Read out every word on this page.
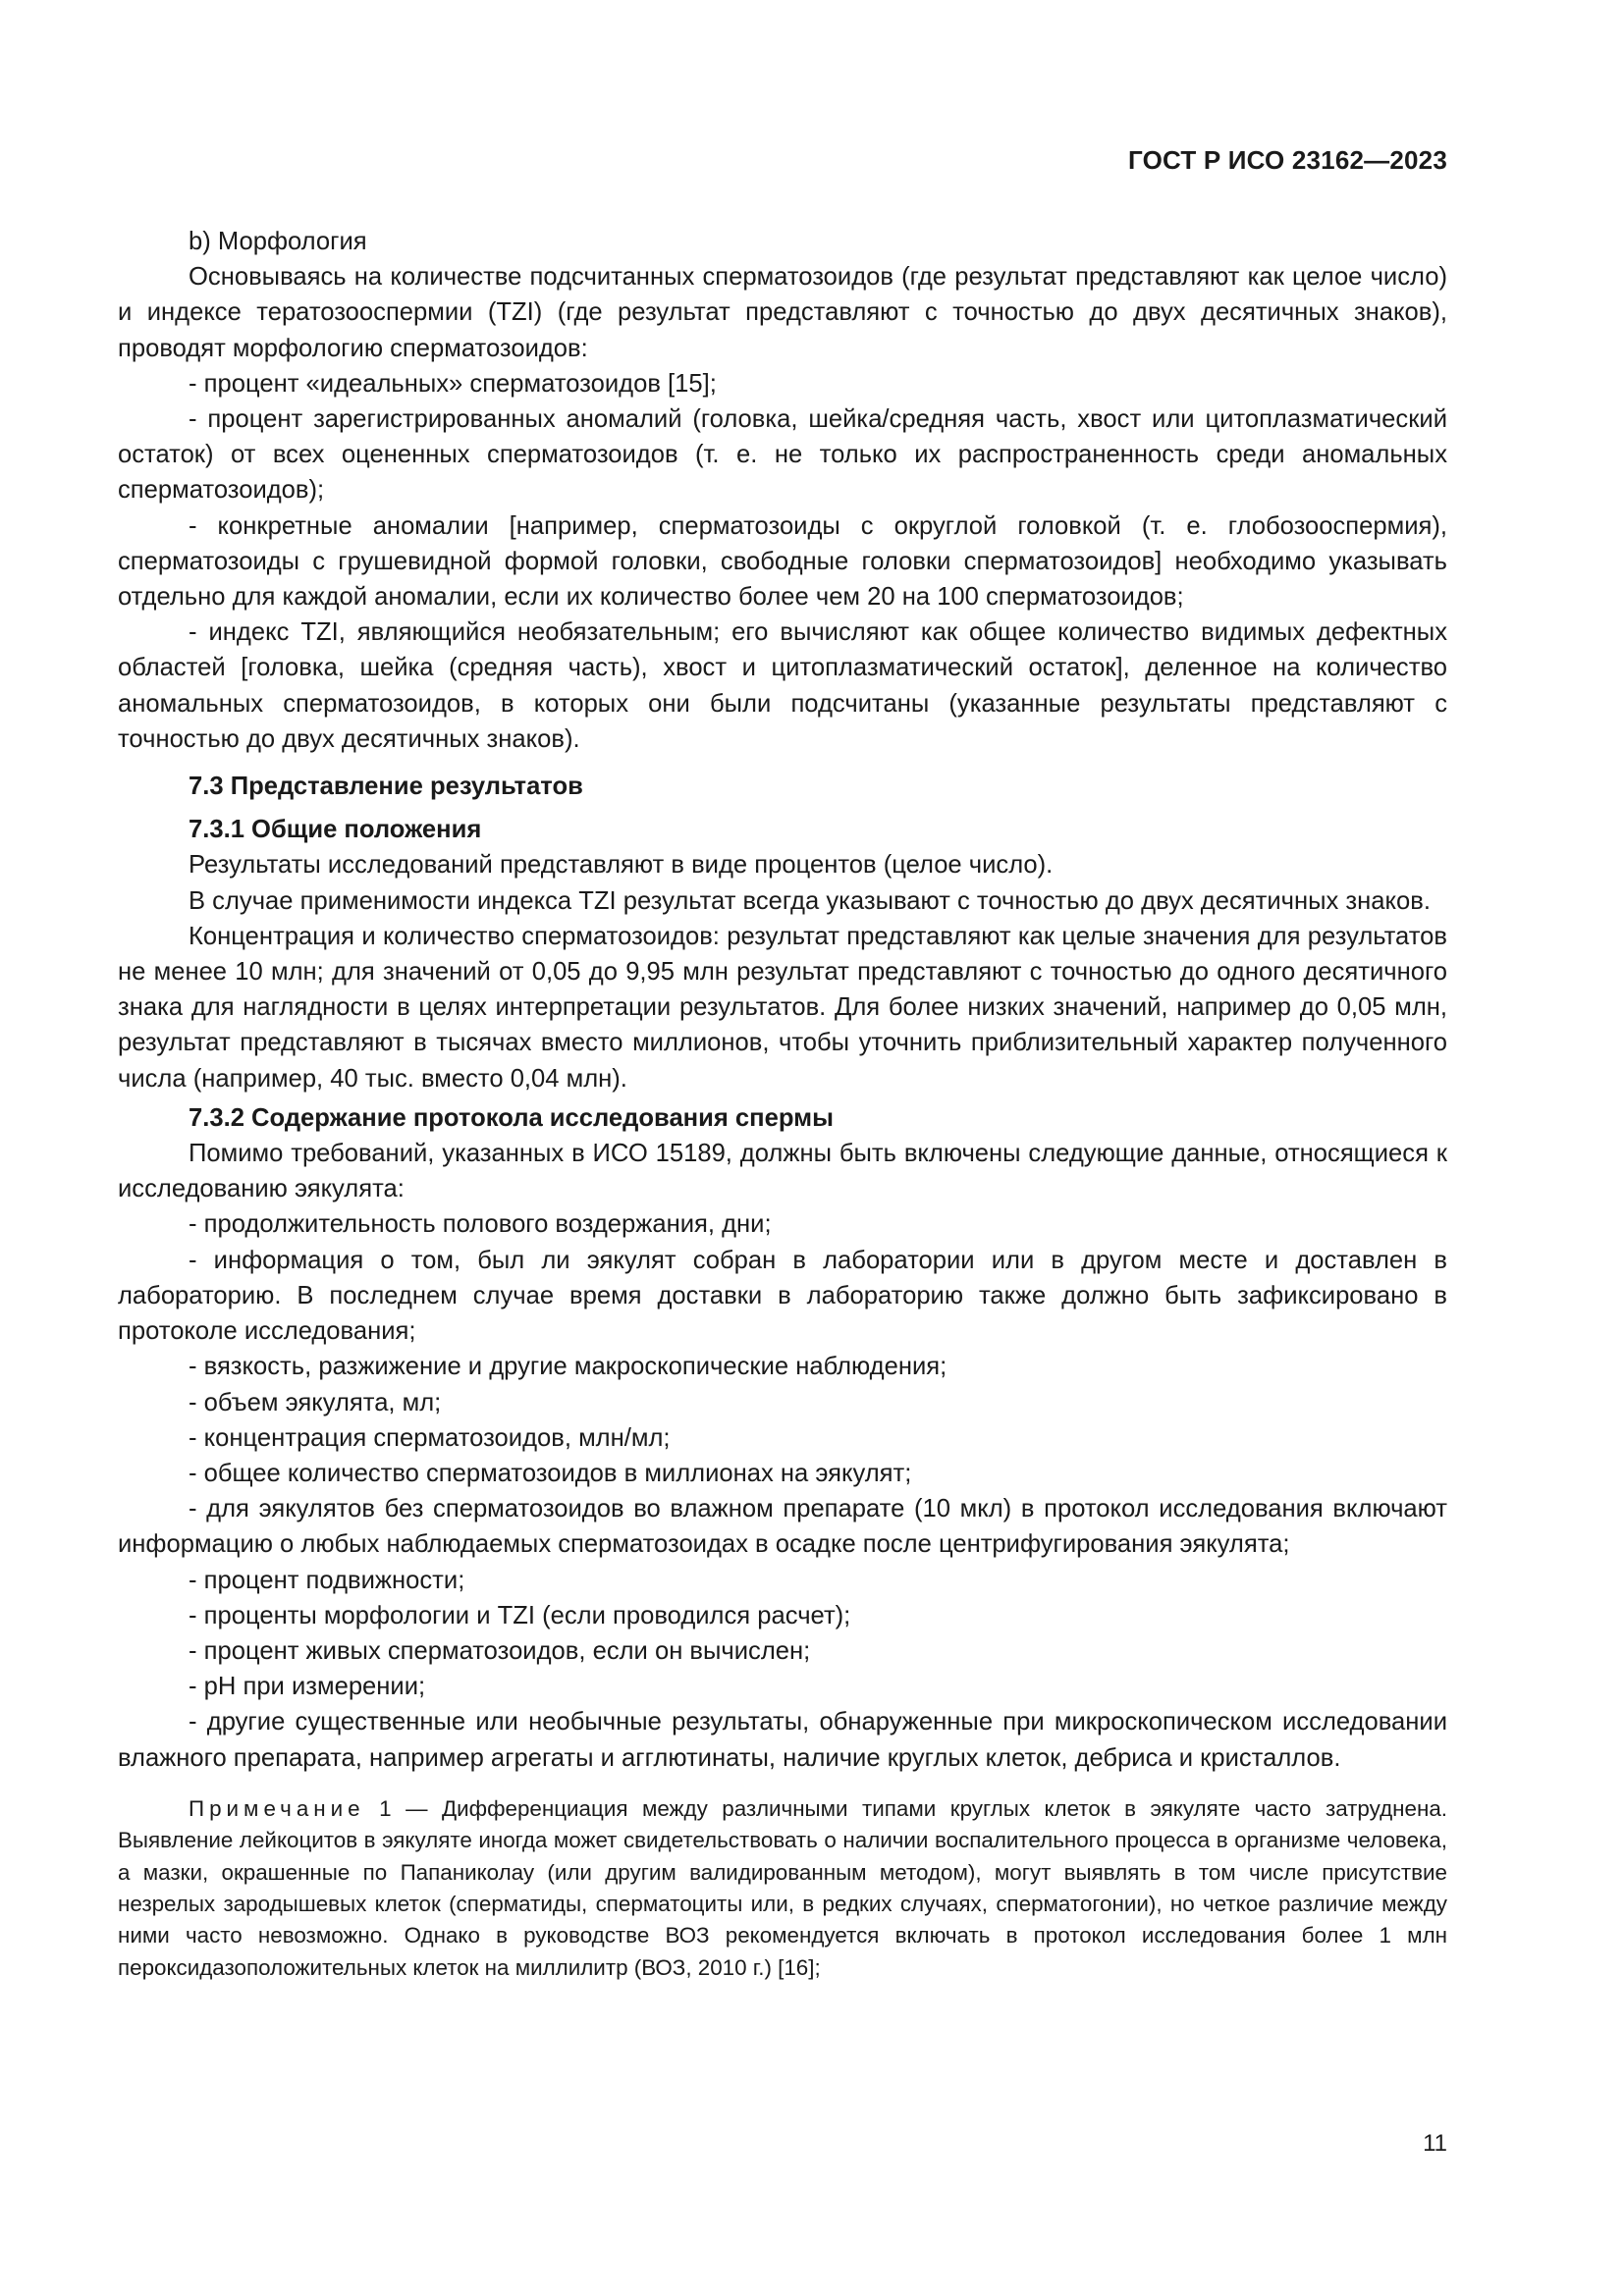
ГОСТ Р ИСО 23162—2023

b) Морфология

Основываясь на количестве подсчитанных сперматозоидов (где результат представляют как целое число) и индексе тератозооспермии (TZI) (где результат представляют с точностью до двух десятичных знаков), проводят морфологию сперматозоидов:

- процент «идеальных» сперматозоидов [15];

- процент зарегистрированных аномалий (головка, шейка/средняя часть, хвост или цитоплазматический остаток) от всех оцененных сперматозоидов (т. е. не только их распространенность среди аномальных сперматозоидов);

- конкретные аномалии [например, сперматозоиды с округлой головкой (т. е. глобозооспермия), сперматозоиды с грушевидной формой головки, свободные головки сперматозоидов] необходимо указывать отдельно для каждой аномалии, если их количество более чем 20 на 100 сперматозоидов;

- индекс TZI, являющийся необязательным; его вычисляют как общее количество видимых дефектных областей [головка, шейка (средняя часть), хвост и цитоплазматический остаток], деленное на количество аномальных сперматозоидов, в которых они были подсчитаны (указанные результаты представляют с точностью до двух десятичных знаков).

7.3 Представление результатов

7.3.1 Общие положения

Результаты исследований представляют в виде процентов (целое число).

В случае применимости индекса TZI результат всегда указывают с точностью до двух десятичных знаков.

Концентрация и количество сперматозоидов: результат представляют как целые значения для результатов не менее 10 млн; для значений от 0,05 до 9,95 млн результат представляют с точностью до одного десятичного знака для наглядности в целях интерпретации результатов. Для более низких значений, например до 0,05 млн, результат представляют в тысячах вместо миллионов, чтобы уточнить приблизительный характер полученного числа (например, 40 тыс. вместо 0,04 млн).

7.3.2 Содержание протокола исследования спермы

Помимо требований, указанных в ИСО 15189, должны быть включены следующие данные, относящиеся к исследованию эякулята:

- продолжительность полового воздержания, дни;

- информация о том, был ли эякулят собран в лаборатории или в другом месте и доставлен в лабораторию. В последнем случае время доставки в лабораторию также должно быть зафиксировано в протоколе исследования;

- вязкость, разжижение и другие макроскопические наблюдения;

- объем эякулята, мл;

- концентрация сперматозоидов, млн/мл;

- общее количество сперматозоидов в миллионах на эякулят;

- для эякулятов без сперматозоидов во влажном препарате (10 мкл) в протокол исследования включают информацию о любых наблюдаемых сперматозоидах в осадке после центрифугирования эякулята;

- процент подвижности;

- проценты морфологии и TZI (если проводился расчет);

- процент живых сперматозоидов, если он вычислен;

- pH при измерении;

- другие существенные или необычные результаты, обнаруженные при микроскопическом исследовании влажного препарата, например агрегаты и агглютинаты, наличие круглых клеток, дебриса и кристаллов.

Примечание 1 — Дифференциация между различными типами круглых клеток в эякуляте часто затруднена. Выявление лейкоцитов в эякуляте иногда может свидетельствовать о наличии воспалительного процесса в организме человека, а мазки, окрашенные по Папаниколау (или другим валидированным методом), могут выявлять в том числе присутствие незрелых зародышевых клеток (сперматиды, сперматоциты или, в редких случаях, сперматогонии), но четкое различие между ними часто невозможно. Однако в руководстве ВОЗ рекомендуется включать в протокол исследования более 1 млн пероксидазоположительных клеток на миллилитр (ВОЗ, 2010 г.) [16];

11
